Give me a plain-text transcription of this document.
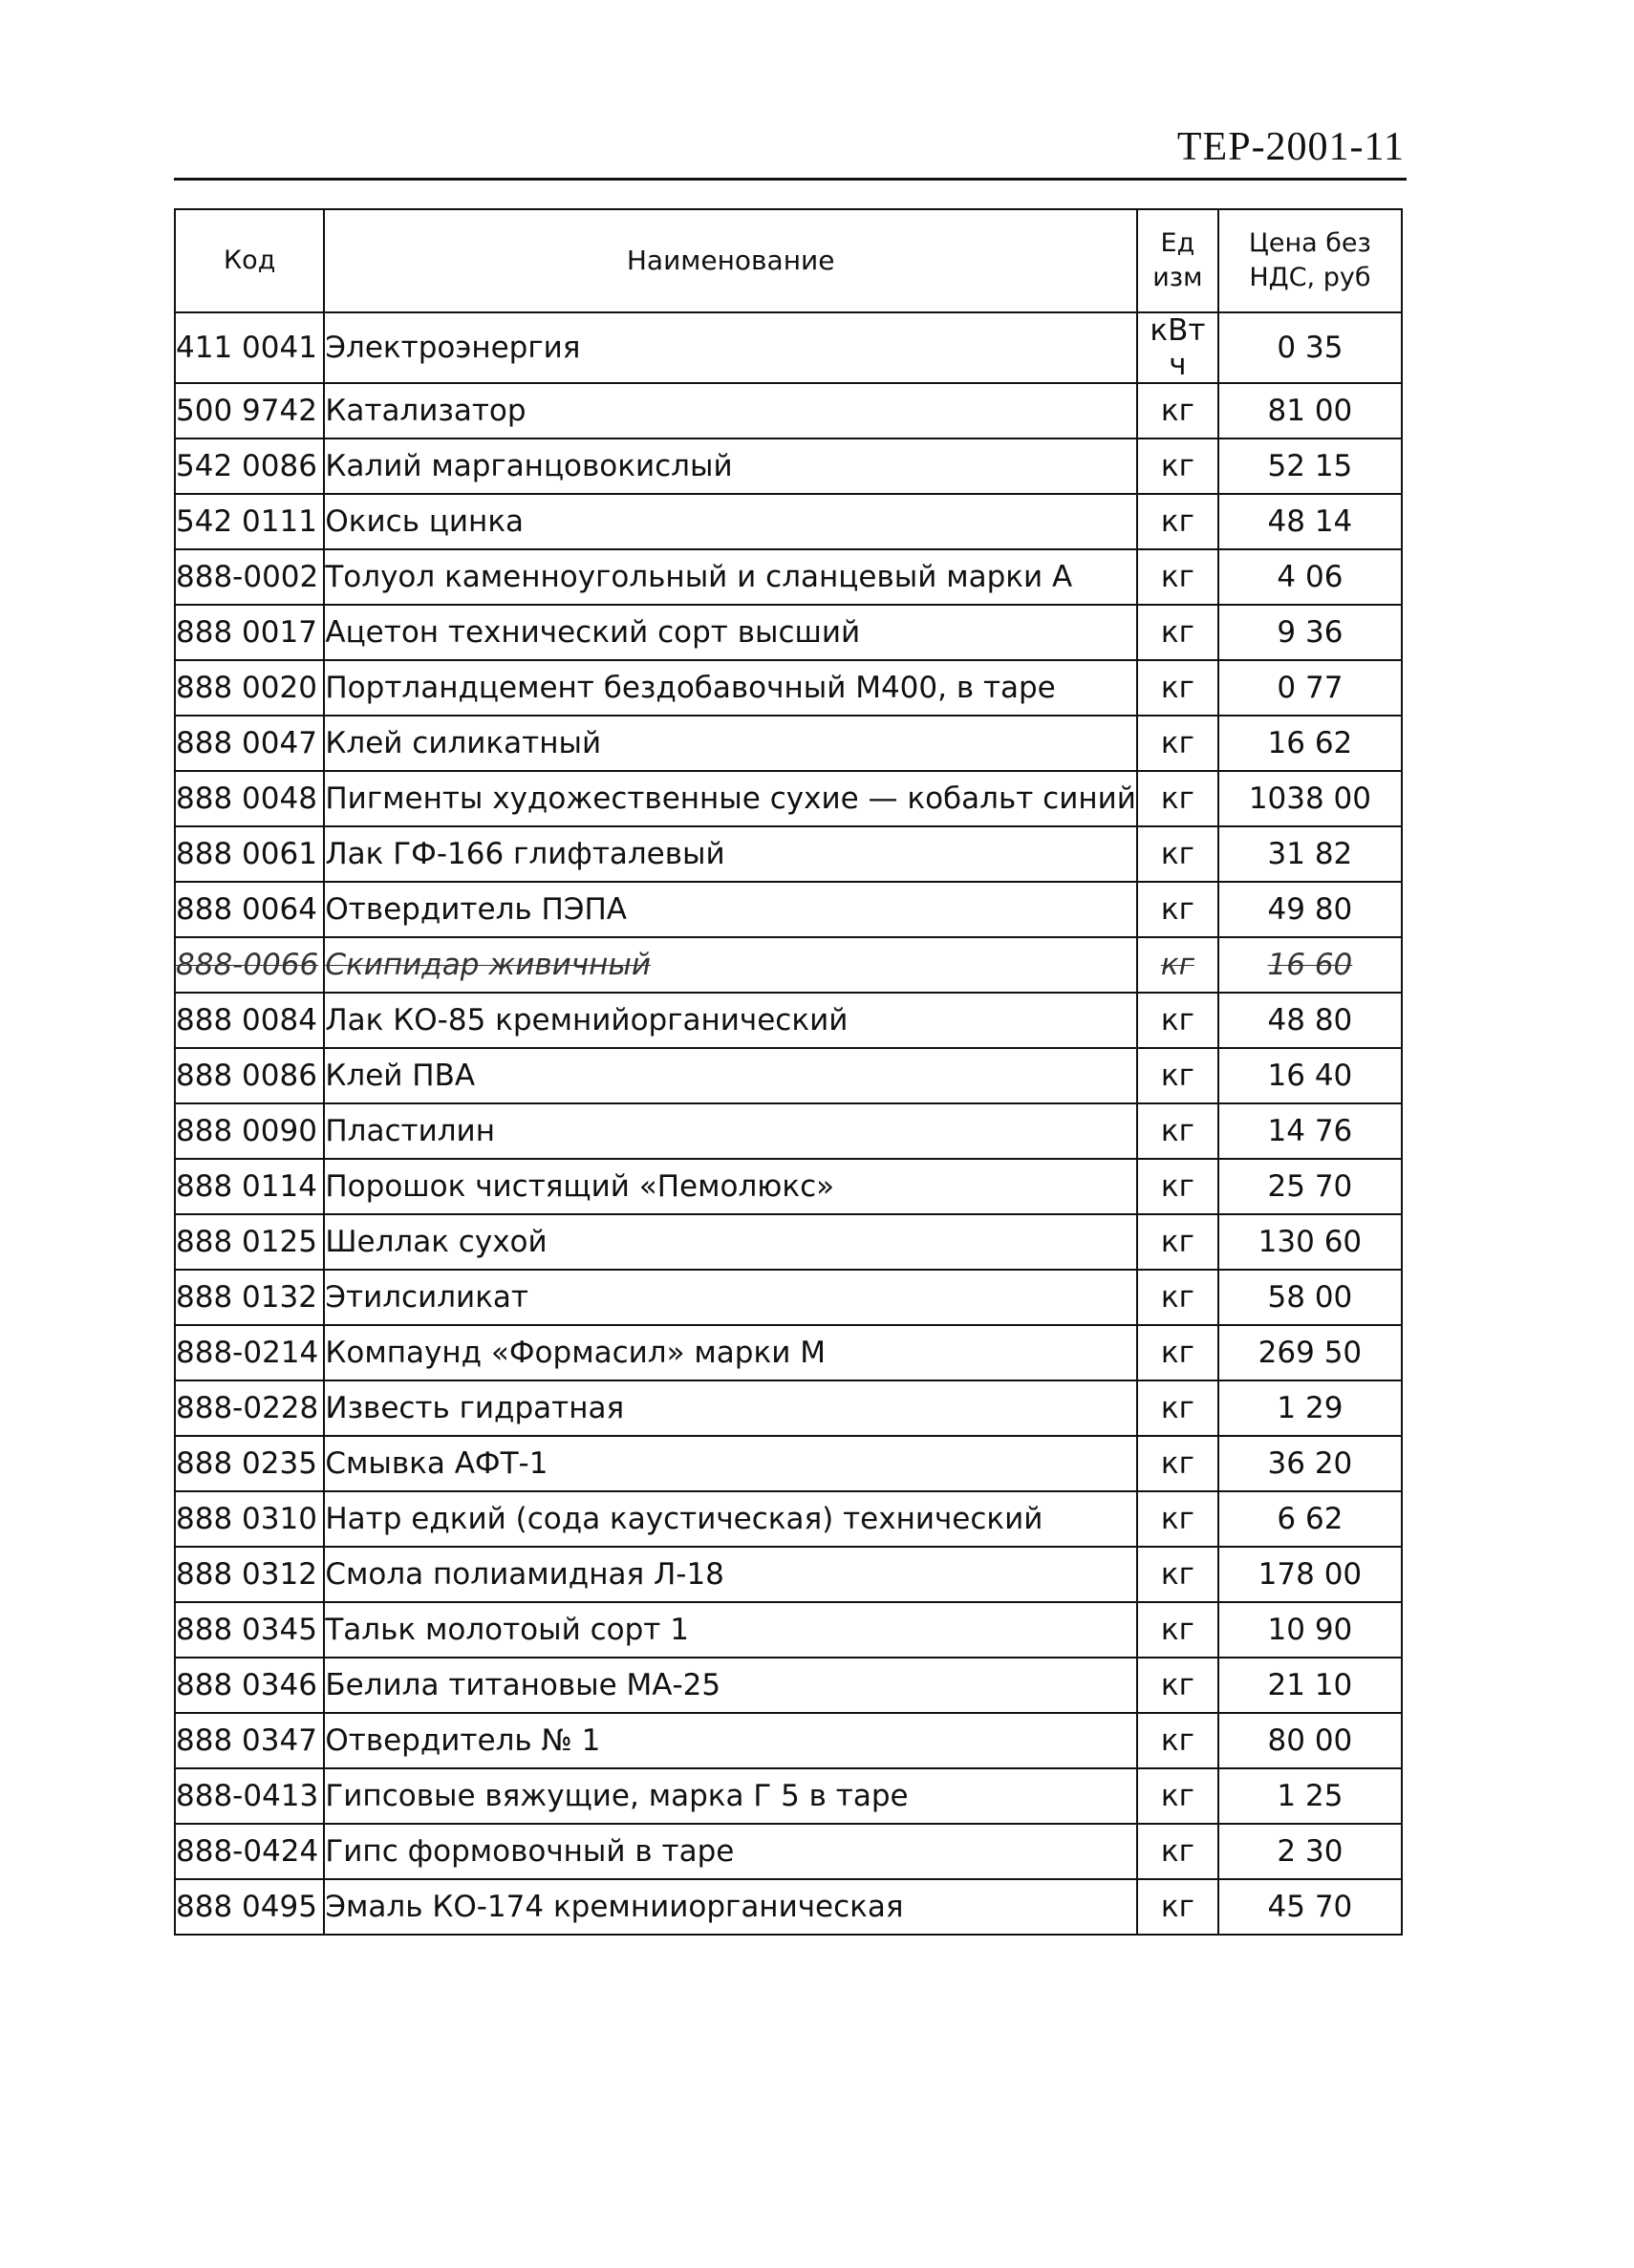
ТЕР-2001-11
Код	Наименование	Ед изм	Цена без НДС, руб
411 0041	Электроэнергия	кВт ч	0 35
500 9742	Катализатор	кг	81 00
542 0086	Калий марганцовокислый	кг	52 15
542 0111	Окись цинка	кг	48 14
888-0002	Толуол каменноугольный и сланцевый марки А	кг	4 06
888 0017	Ацетон технический сорт высший	кг	9 36
888 0020	Портландцемент бездобавочный М400, в таре	кг	0 77
888 0047	Клей силикатный	кг	16 62
888 0048	Пигменты художественные сухие — кобальт синий	кг	1038 00
888 0061	Лак ГФ-166 глифталевый	кг	31 82
888 0064	Отвердитель ПЭПА	кг	49 80
888-0066	Скипидар живичный	кг	16 60
888 0084	Лак КО-85 кремнийорганический	кг	48 80
888 0086	Клей ПВА	кг	16 40
888 0090	Пластилин	кг	14 76
888 0114	Порошок чистящий «Пемолюкс»	кг	25 70
888 0125	Шеллак сухой	кг	130 60
888 0132	Этилсиликат	кг	58 00
888-0214	Компаунд «Формасил» марки М	кг	269 50
888-0228	Известь гидратная	кг	1 29
888 0235	Смывка АФТ-1	кг	36 20
888 0310	Натр едкий (сода каустическая) технический	кг	6 62
888 0312	Смола полиамидная Л-18	кг	178 00
888 0345	Тальк молотоый сорт 1	кг	10 90
888 0346	Белила титановые МА-25	кг	21 10
888 0347	Отвердитель № 1	кг	80 00
888-0413	Гипсовые вяжущие, марка Г 5 в таре	кг	1 25
888-0424	Гипс формовочный в таре	кг	2 30
888 0495	Эмаль КО-174 кремнииорганическая	кг	45 70
